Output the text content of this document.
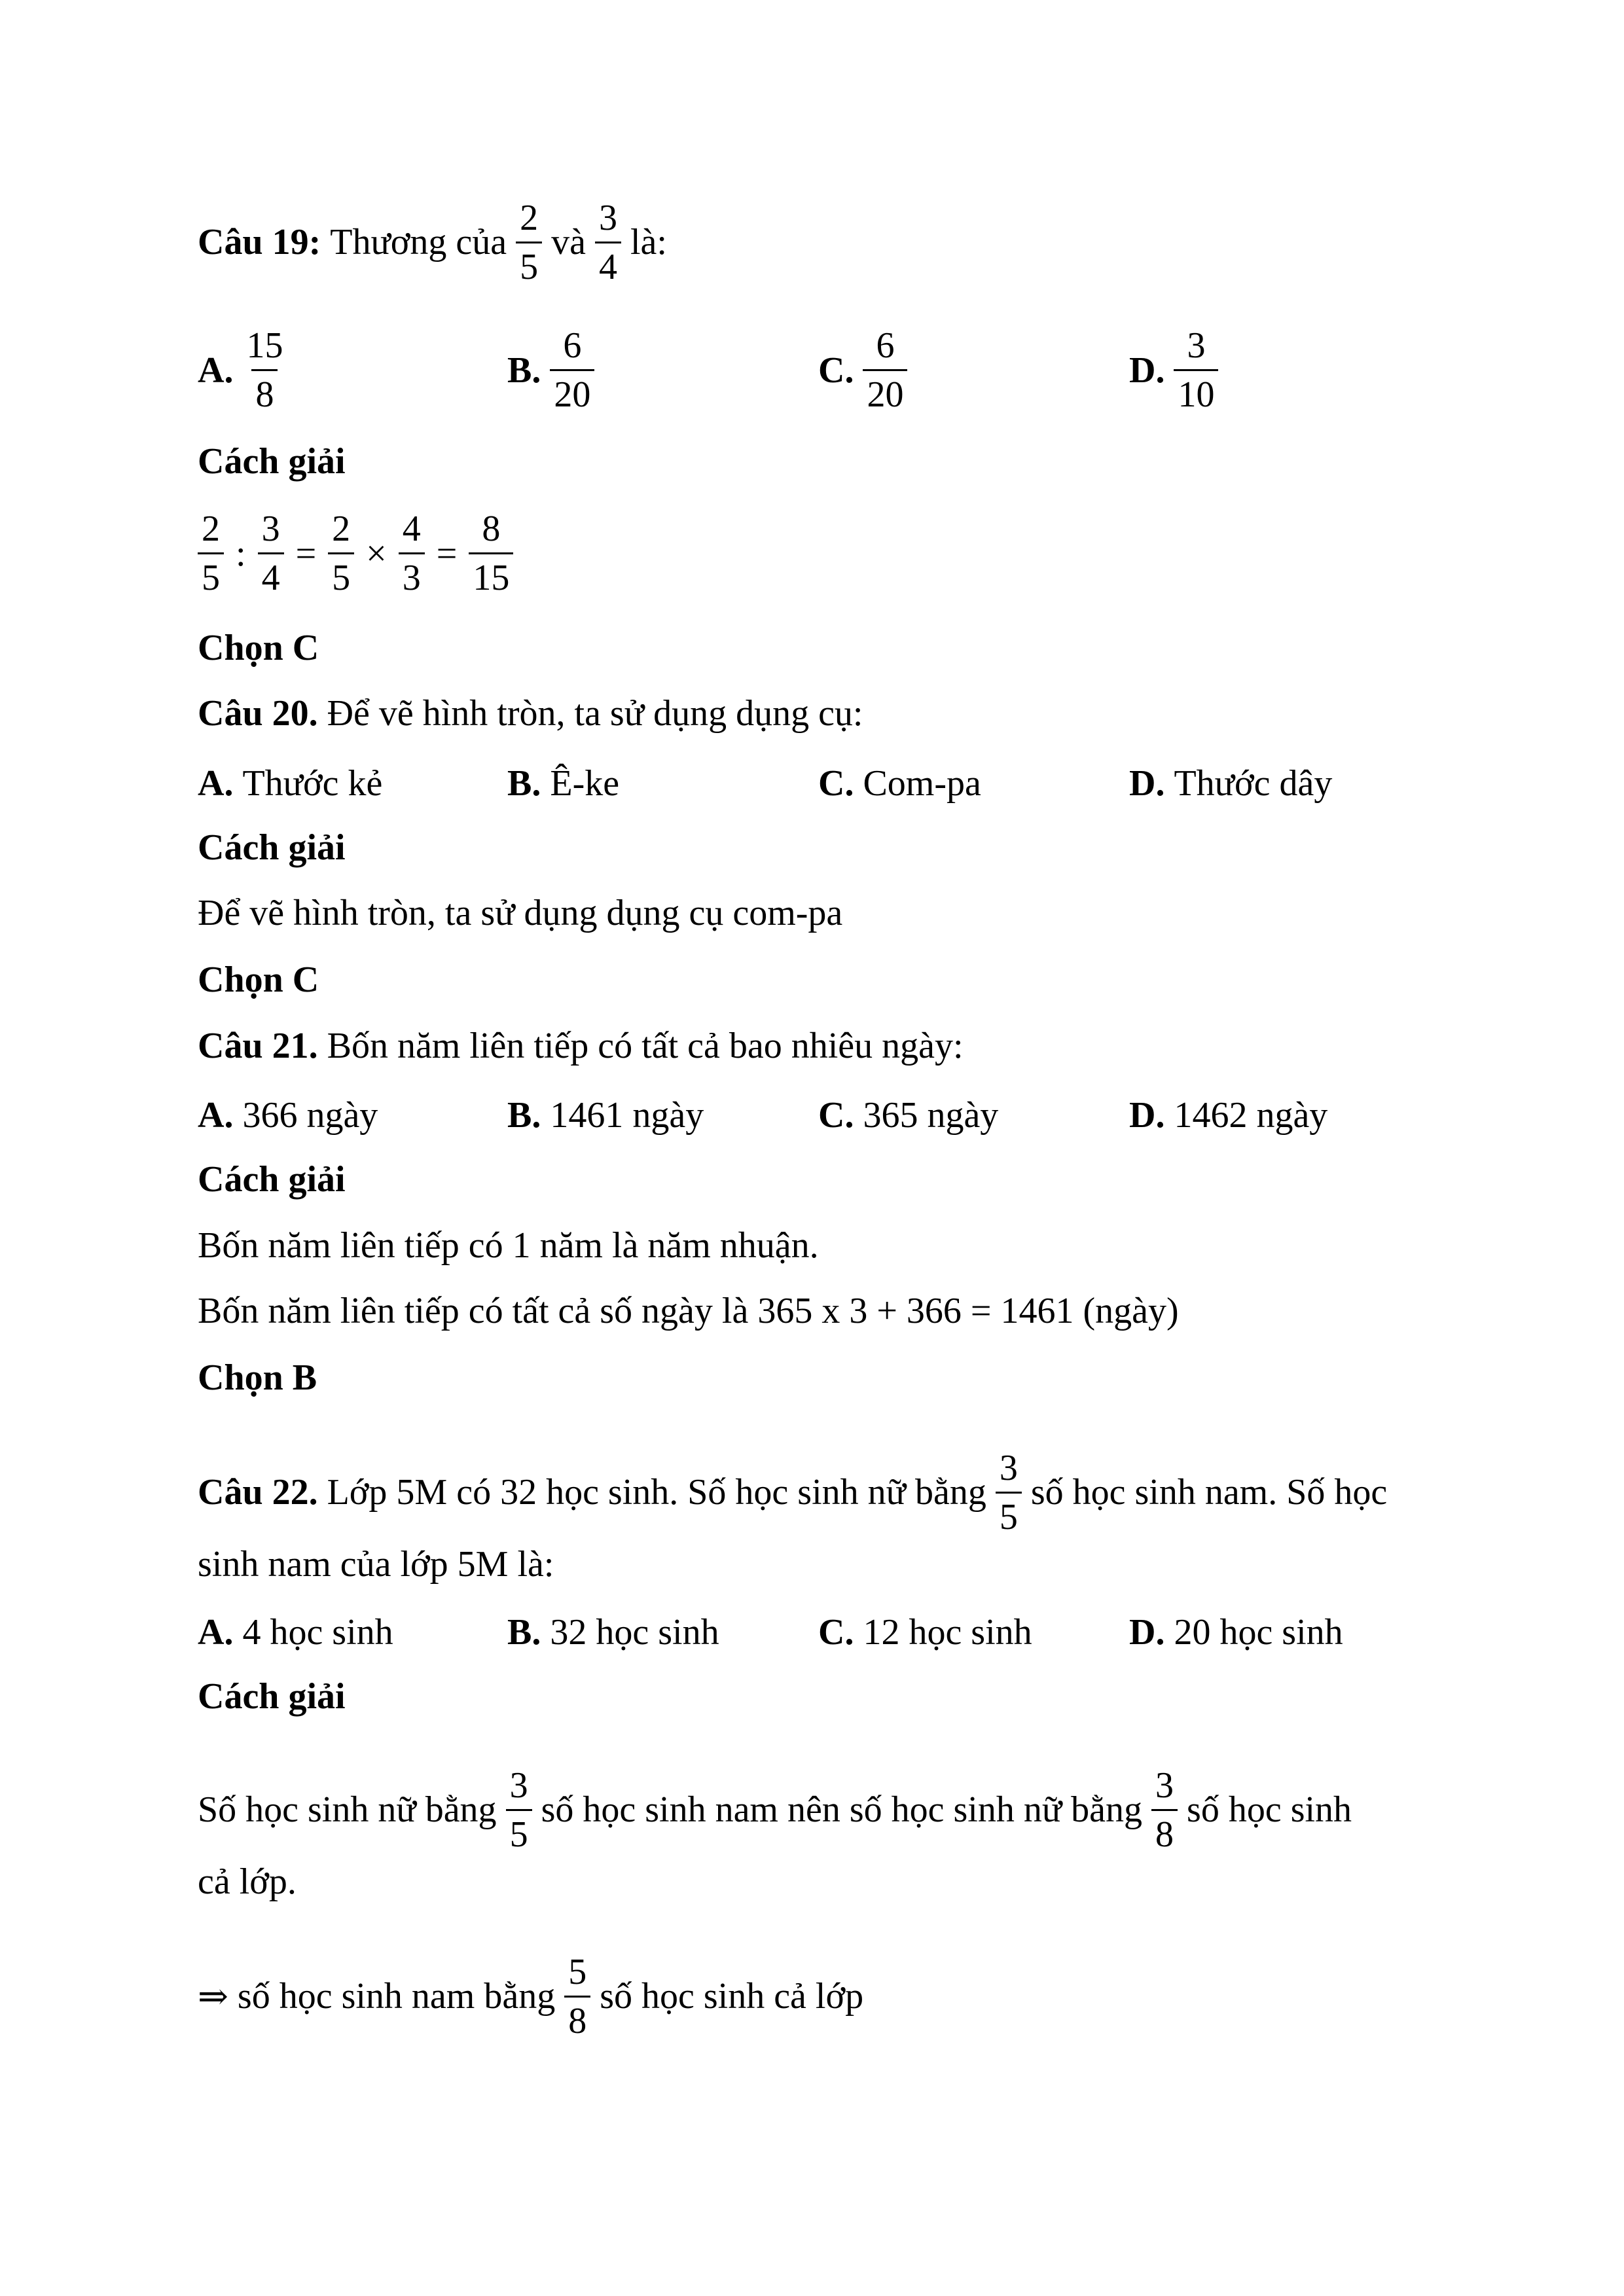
Câu 19: Thương của $\frac{2}{5}$ và $\frac{3}{4}$ là:
A. $\frac{15}{8}$	B. $\frac{6}{20}$	C. $\frac{6}{20}$	D. $\frac{3}{10}$
Cách giải
$\frac{2}{5}$ : $\frac{3}{4} = \frac{2}{5} \times \frac{4}{3} = \frac{8}{15}$
Chọn C
Câu 20. Để vẽ hình tròn, ta sử dụng dụng cụ:
A. Thước kẻ	B. Ê-ke	C. Com-pa	D. Thước dây
Cách giải
Để vẽ hình tròn, ta sử dụng dụng cụ com-pa
Chọn C
Câu 21. Bốn năm liên tiếp có tất cả bao nhiêu ngày:
A. 366 ngày	B. 1461 ngày	C. 365 ngày	D. 1462 ngày
Cách giải
Bốn năm liên tiếp có 1 năm là năm nhuận.
Bốn năm liên tiếp có tất cả số ngày là 365 x 3 + 366 = 1461 (ngày)
Chọn B
Câu 22. Lớp 5M có 32 học sinh. Số học sinh nữ bằng $\frac{3}{5}$ số học sinh nam. Số học
sinh nam của lớp 5M là:
A. 4 học sinh	B. 32 học sinh	C. 12 học sinh	D. 20 học sinh
Cách giải
Số học sinh nữ bằng $\frac{3}{5}$ số học sinh nam nên số học sinh nữ bằng $\frac{3}{8}$ số học sinh
cả lớp.
⇒ số học sinh nam bằng $\frac{5}{8}$ số học sinh cả lớp
